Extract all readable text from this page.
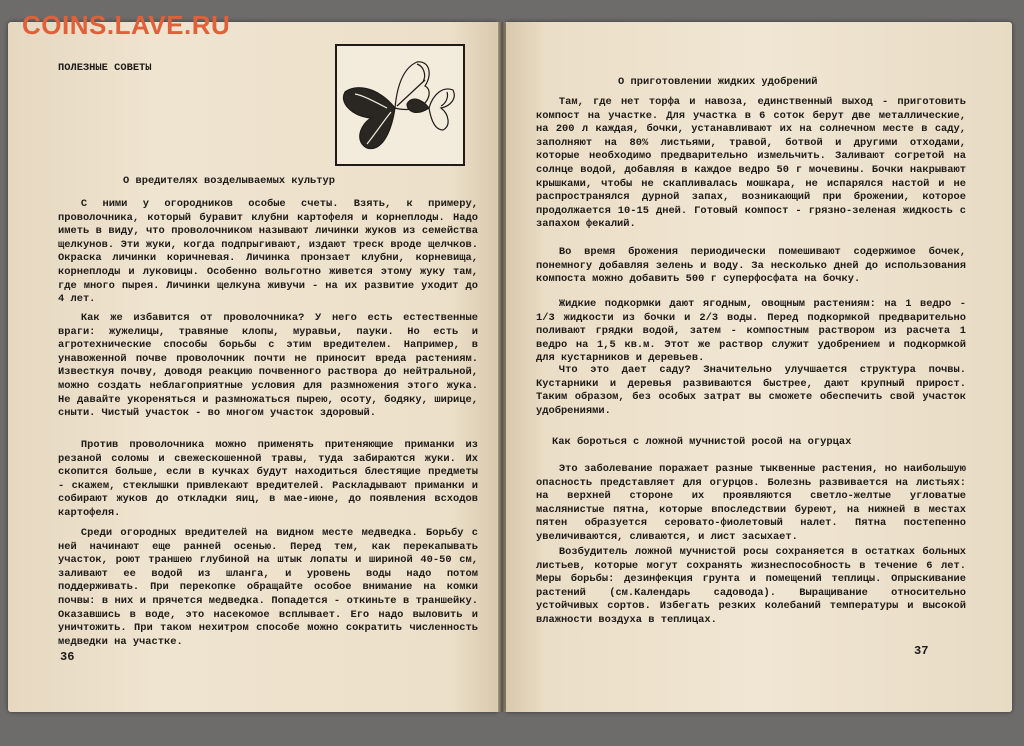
COINS.LAVE.RU

ПОЛЕЗНЫЕ СОВЕТЫ

О вредителях возделываемых культур

С ними у огородников особые счеты. Взять, к примеру, проволочника, который буравит клубни картофеля и корнеплоды. Надо иметь в виду, что проволочником называют личинки жуков из семейства щелкунов. Эти жуки, когда подпрыгивают, издают треск вроде щелчков. Окраска личинки коричневая. Личинка пронзает клубни, корневища, корнеплоды и луковицы. Особенно вольготно живется этому жуку там, где много пырея. Личинки щелкуна живучи - на их развитие уходит до 4 лет.

Как же избавится от проволочника? У него есть естественные враги: жужелицы, травяные клопы, муравьи, пауки. Но есть и агротехнические способы борьбы с этим вредителем. Например, в унавоженной почве проволочник почти не приносит вреда растениям. Известкуя почву, доводя реакцию почвенного раствора до нейтральной, можно создать неблагоприятные условия для размножения этого жука. Не давайте укореняться и размножаться пырею, осоту, бодяку, ширице, сныти. Чистый участок - во многом участок здоровый.

Против проволочника можно применять притеняющие приманки из резаной соломы и свежескошенной травы, туда забираются жуки. Их скопится больше, если в кучках будут находиться блестящие предметы - скажем, стеклышки привлекают вредителей. Раскладывают приманки и собирают жуков до откладки яиц, в мае-июне, до появления всходов картофеля.

Среди огородных вредителей на видном месте медведка. Борьбу с ней начинают еще ранней осенью. Перед тем, как перекапывать участок, роют траншею глубиной на штык лопаты и шириной 40-50 см, заливают ее водой из шланга, и уровень воды надо потом поддерживать. При перекопке обращайте особое внимание на комки почвы: в них и прячется медведка. Попадется - откиньте в траншейку. Оказавшись в воде, это насекомое всплывает. Его надо выловить и уничтожить. При таком нехитром способе можно сократить численность медведки на участке.

36

О приготовлении жидких удобрений

Там, где нет торфа и навоза, единственный выход - приготовить компост на участке. Для участка в 6 соток берут две металлические, на 200 л каждая, бочки, устанавливают их на солнечном месте в саду, заполняют на 80% листьями, травой, ботвой и другими отходами, которые необходимо предварительно измельчить. Заливают согретой на солнце водой, добавляя в каждое ведро 50 г мочевины. Бочки накрывают крышками, чтобы не скапливалась мошкара, не испарялся настой и не распространялся дурной запах, возникающий при брожении, которое продолжается 10-15 дней. Готовый компост - грязно-зеленая жидкость с запахом фекалий.

Во время брожения периодически помешивают содержимое бочек, понемногу добавляя зелень и воду. За несколько дней до использования компоста можно добавить 500 г суперфосфата на бочку.

Жидкие подкормки дают ягодным, овощным растениям: на 1 ведро - 1/3 жидкости из бочки и 2/3 воды. Перед подкормкой предварительно поливают грядки водой, затем - компостным раствором из расчета 1 ведро на 1,5 кв.м. Этот же раствор служит удобрением и подкормкой для кустарников и деревьев.

Что это дает саду? Значительно улучшается структура почвы. Кустарники и деревья развиваются быстрее, дают крупный прирост. Таким образом, без особых затрат вы сможете обеспечить свой участок удобрениями.

Как бороться с ложной мучнистой росой на огурцах

Это заболевание поражает разные тыквенные растения, но наибольшую опасность представляет для огурцов. Болезнь развивается на листьях: на верхней стороне их проявляются светло-желтые угловатые маслянистые пятна, которые впоследствии буреют, на нижней в местах пятен образуется серовато-фиолетовый налет. Пятна постепенно увеличиваются, сливаются, и лист засыхает.

Возбудитель ложной мучнистой росы сохраняется в остатках больных листьев, которые могут сохранять жизнеспособность в течение 6 лет. Меры борьбы: дезинфекция грунта и помещений теплицы. Опрыскивание растений (см.Календарь садовода). Выращивание относительно устойчивых сортов. Избегать резких колебаний температуры и высокой влажности воздуха в теплицах.

37
